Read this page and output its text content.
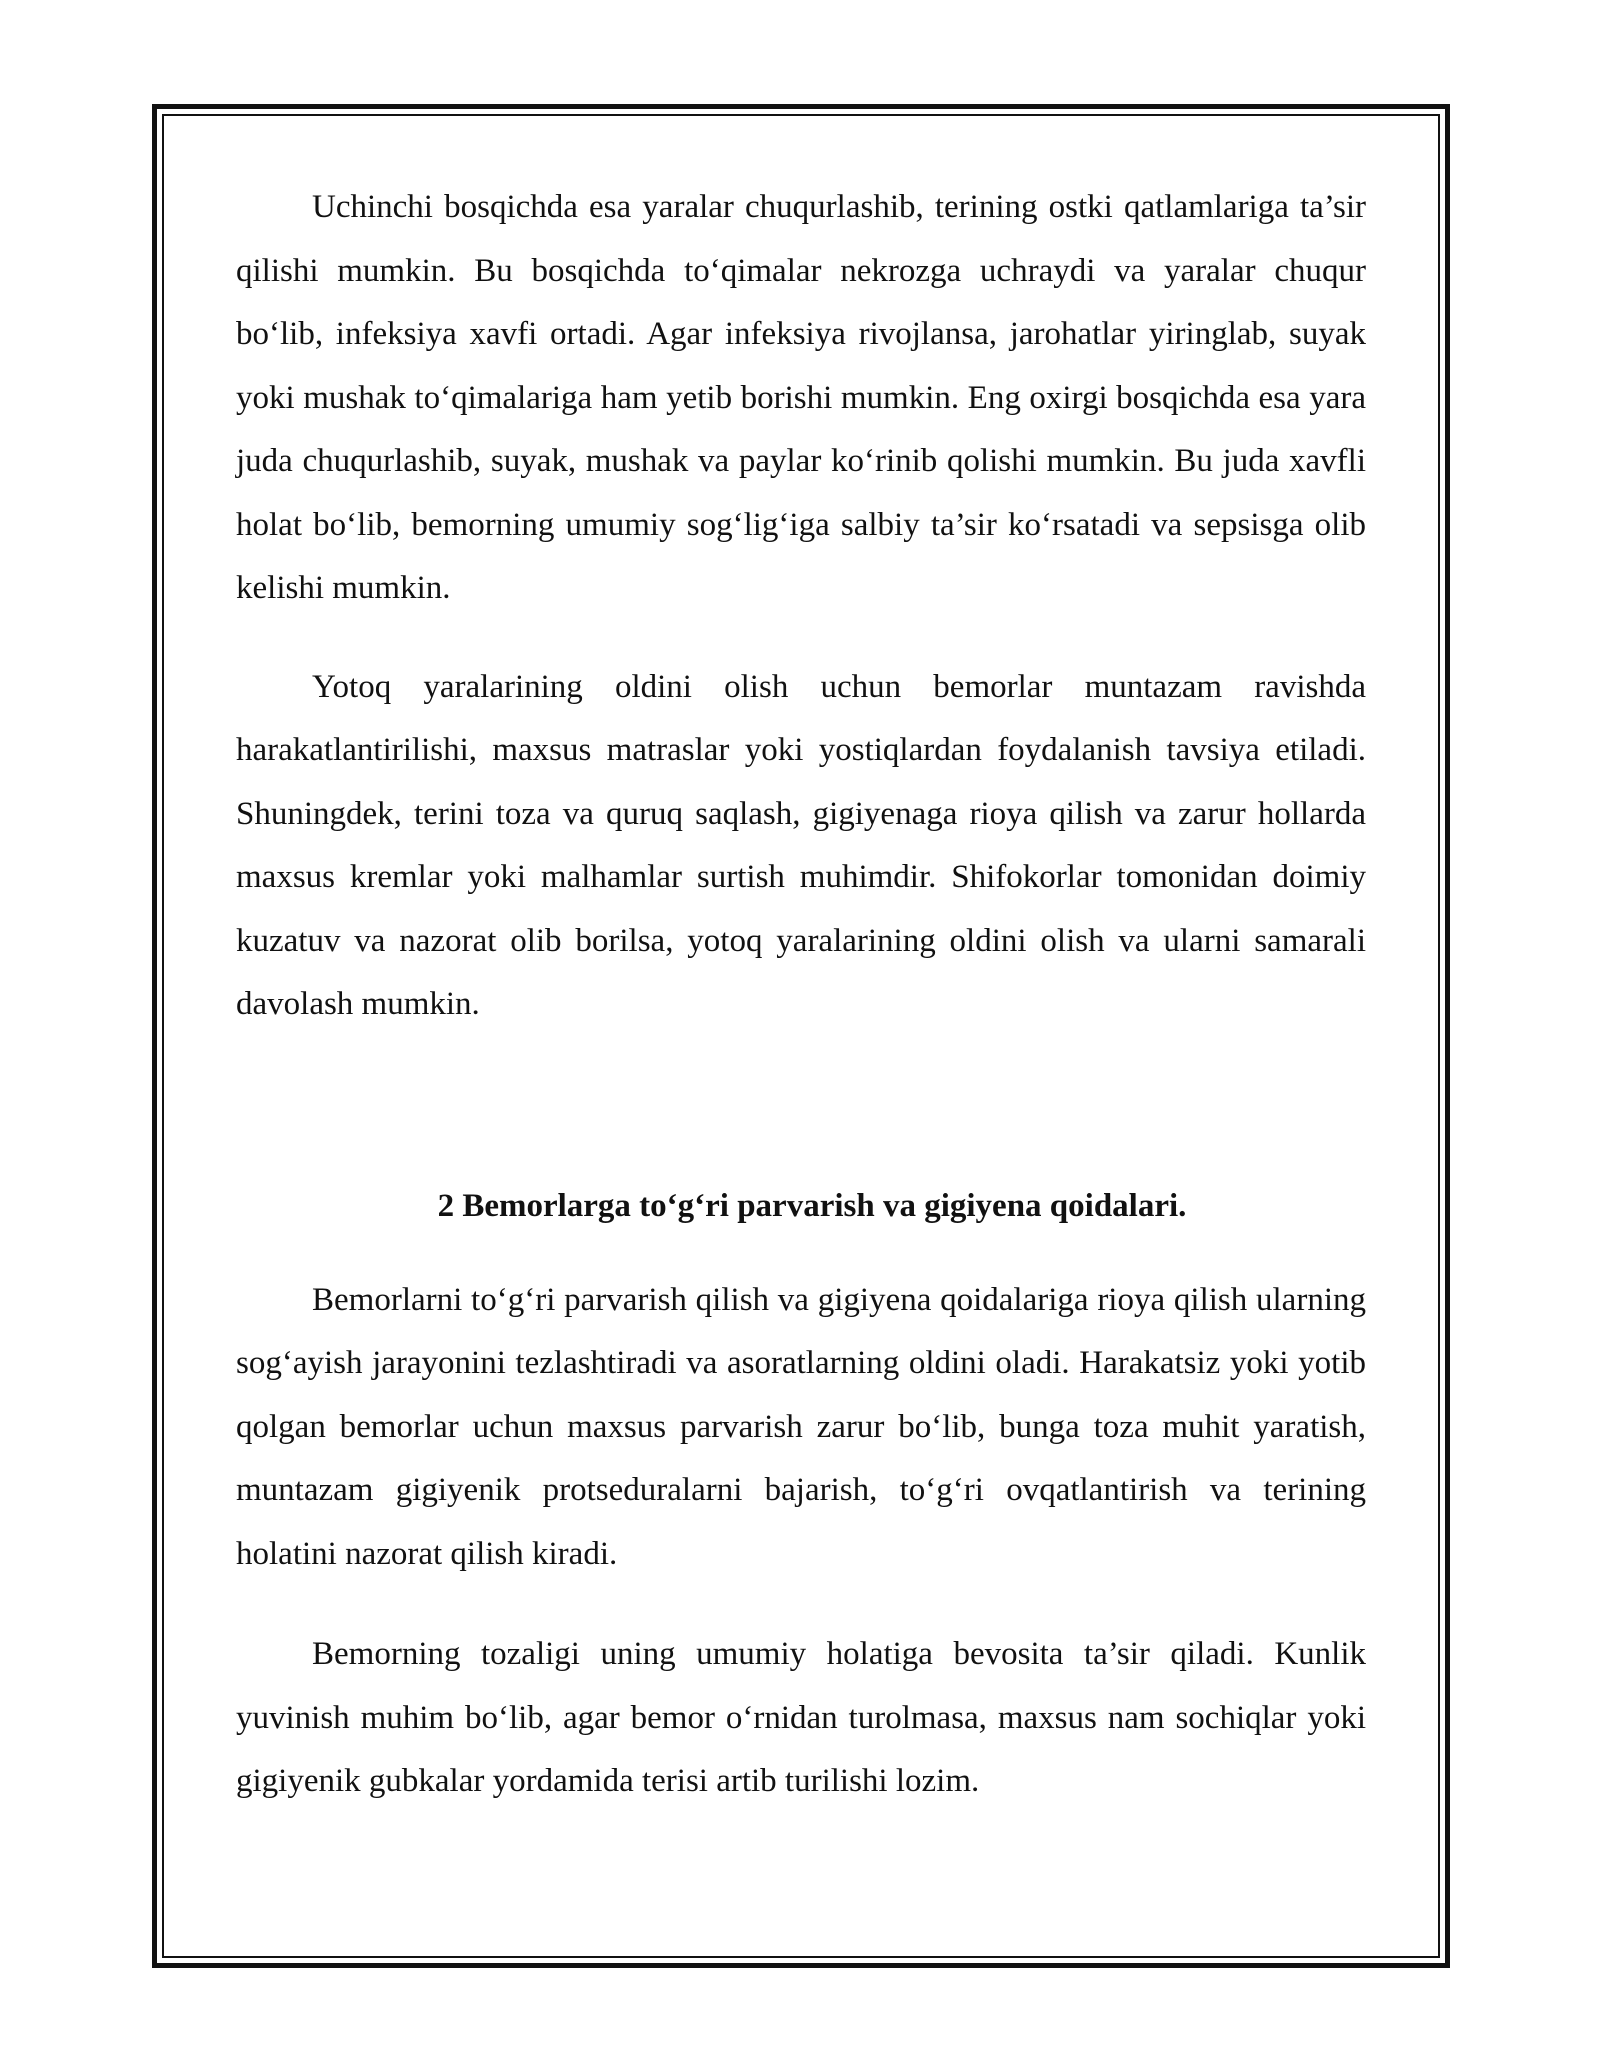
Uchinchi bosqichda esa yaralar chuqurlashib, terining ostki qatlamlariga ta’sir qilishi mumkin. Bu bosqichda to‘qimalar nekrozga uchraydi va yaralar chuqur bo‘lib, infeksiya xavfi ortadi. Agar infeksiya rivojlansa, jarohatlar yiringlab, suyak yoki mushak to‘qimalariga ham yetib borishi mumkin. Eng oxirgi bosqichda esa yara juda chuqurlashib, suyak, mushak va paylar ko‘rinib qolishi mumkin. Bu juda xavfli holat bo‘lib, bemorning umumiy sog‘lig‘iga salbiy ta’sir ko‘rsatadi va sepsisga olib kelishi mumkin.

Yotoq yaralarining oldini olish uchun bemorlar muntazam ravishda harakatlantirilishi, maxsus matraslar yoki yostiqlardan foydalanish tavsiya etiladi. Shuningdek, terini toza va quruq saqlash, gigiyenaga rioya qilish va zarur hollarda maxsus kremlar yoki malhamlar surtish muhimdir. Shifokorlar tomonidan doimiy kuzatuv va nazorat olib borilsa, yotoq yaralarining oldini olish va ularni samarali davolash mumkin.

2 Bemorlarga to‘g‘ri parvarish va gigiyena qoidalari.

Bemorlarni to‘g‘ri parvarish qilish va gigiyena qoidalariga rioya qilish ularning sog‘ayish jarayonini tezlashtiradi va asoratlarning oldini oladi. Harakatsiz yoki yotib qolgan bemorlar uchun maxsus parvarish zarur bo‘lib, bunga toza muhit yaratish, muntazam gigiyenik protseduralarni bajarish, to‘g‘ri ovqatlantirish va terining holatini nazorat qilish kiradi.

Bemorning tozaligi uning umumiy holatiga bevosita ta’sir qiladi. Kunlik yuvinish muhim bo‘lib, agar bemor o‘rnidan turolmasa, maxsus nam sochiqlar yoki gigiyenik gubkalar yordamida terisi artib turilishi lozim.
